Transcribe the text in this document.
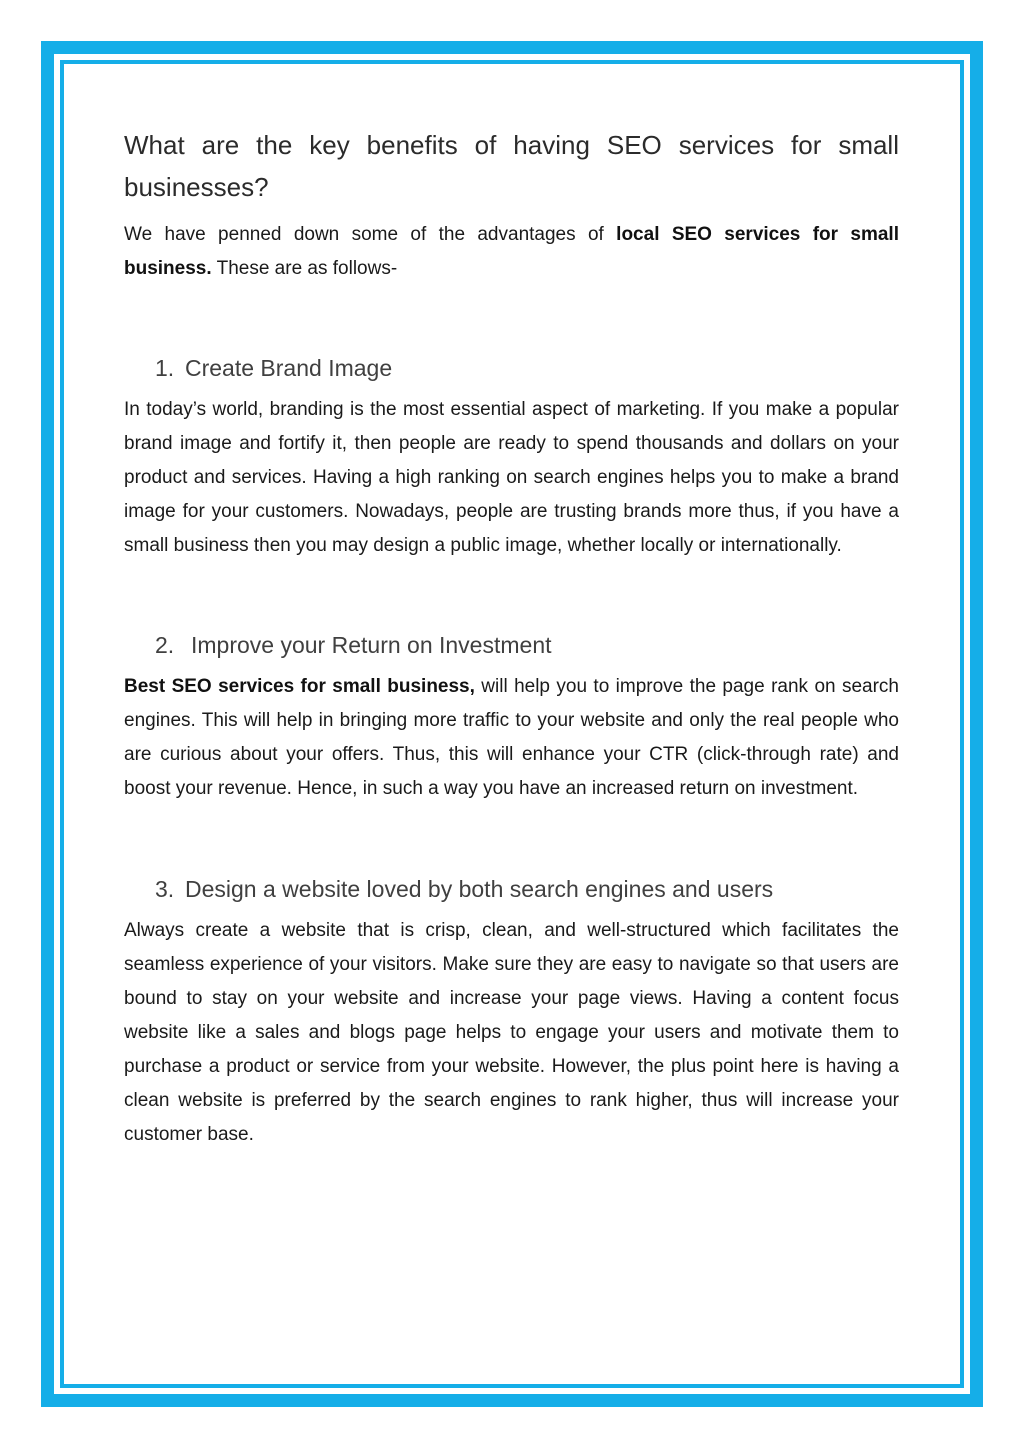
What are the key benefits of having SEO services for small businesses?

We have penned down some of the advantages of local SEO services for small business. These are as follows-

1. Create Brand Image

In today’s world, branding is the most essential aspect of marketing. If you make a popular brand image and fortify it, then people are ready to spend thousands and dollars on your product and services. Having a high ranking on search engines helps you to make a brand image for your customers. Nowadays, people are trusting brands more thus, if you have a small business then you may design a public image, whether locally or internationally.

2. Improve your Return on Investment

Best SEO services for small business, will help you to improve the page rank on search engines. This will help in bringing more traffic to your website and only the real people who are curious about your offers. Thus, this will enhance your CTR (click-through rate) and boost your revenue. Hence, in such a way you have an increased return on investment.

3. Design a website loved by both search engines and users

Always create a website that is crisp, clean, and well-structured which facilitates the seamless experience of your visitors. Make sure they are easy to navigate so that users are bound to stay on your website and increase your page views. Having a content focus website like a sales and blogs page helps to engage your users and motivate them to purchase a product or service from your website. However, the plus point here is having a clean website is preferred by the search engines to rank higher, thus will increase your customer base.
